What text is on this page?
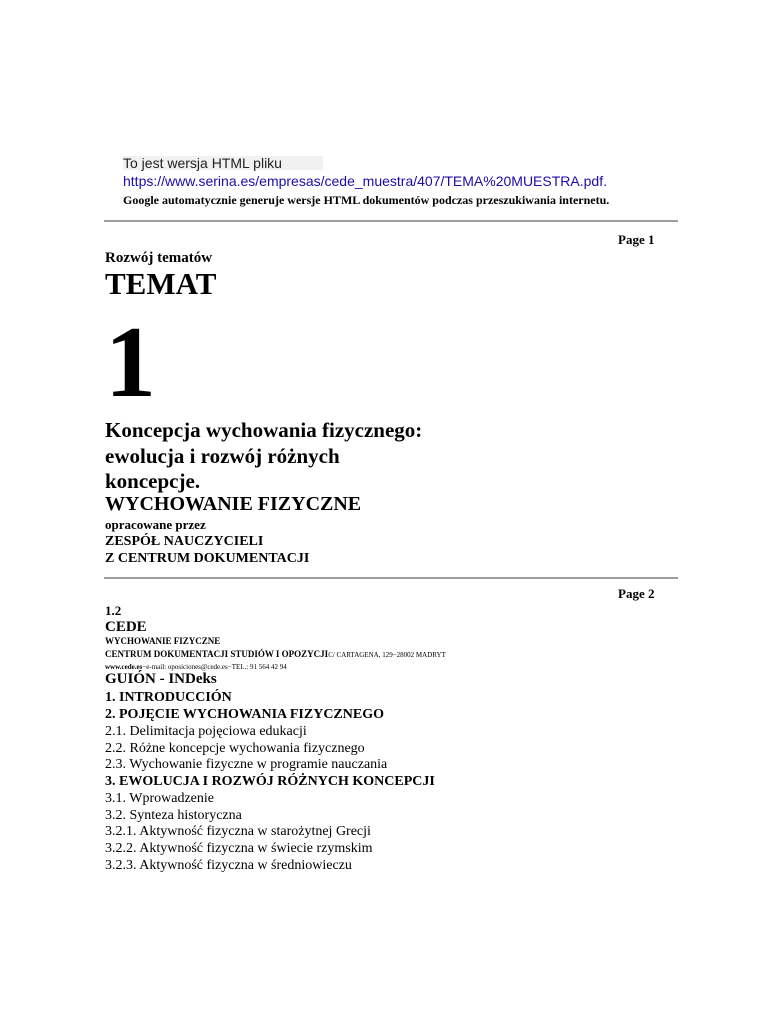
To jest wersja HTML pliku
https://www.serina.es/empresas/cede_muestra/407/TEMA%20MUESTRA.pdf.
Google automatycznie generuje wersje HTML dokumentów podczas przeszukiwania internetu.
Page 1
Rozwój tematów
TEMAT
1
Koncepcja wychowania fizycznego:
ewolucja i rozwój różnych
koncepcje.
WYCHOWANIE FIZYCZNE
opracowane przez
ZESPÓŁ NAUCZYCIELI
Z CENTRUM DOKUMENTACJI
Page 2
1.2
CEDE
WYCHOWANIE FIZYCZNE
CENTRUM DOKUMENTACJI STUDIÓW I OPOZYCJIC/ CARTAGENA, 129−28002 MADRYT
www.cede.es−e-mail: oposiciones@cede.es−TEL.: 91 564 42 94
GUIÓN - INDeks
1. INTRODUCCIÓN
2. POJĘCIE WYCHOWANIA FIZYCZNEGO
2.1. Delimitacja pojęciowa edukacji
2.2. Różne koncepcje wychowania fizycznego
2.3. Wychowanie fizyczne w programie nauczania
3. EWOLUCJA I ROZWÓJ RÓŻNYCH KONCEPCJI
3.1. Wprowadzenie
3.2. Synteza historyczna
3.2.1. Aktywność fizyczna w starożytnej Grecji
3.2.2. Aktywność fizyczna w świecie rzymskim
3.2.3. Aktywność fizyczna w średniowieczu
